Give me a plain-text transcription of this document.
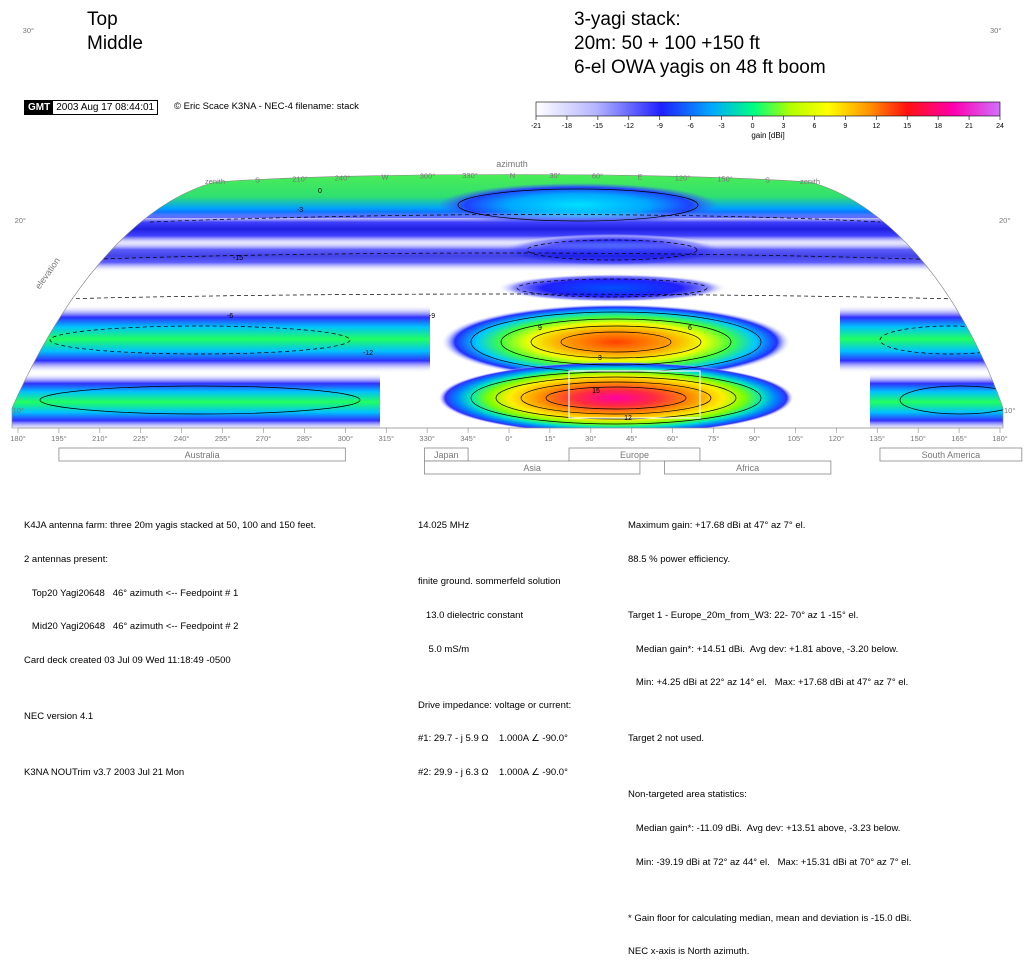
Top
Middle
3-yagi stack:
20m: 50 + 100 +150 ft
6-el OWA yagis on 48 ft boom
GMT 2003 Aug 17 08:44:01	© Eric Scace K3NA - NEC-4 filename: stack
-21	-18	-15	-12	-9	-6	-3	0	3	6	9	12	15	18	21	24
gain [dBi]
15
12
9	6
3
0
-3
-6	-9
-12
-15
azimuth
elevation
zenith	S	210°	240°	W	300°	330°	N	30°	60°	E	120°	150°	S	zenith
10°	10°
20°	20°
30°	30°
180°	195°	210°	225°	240°	255°	270°	285°	300°	315°	330°	345°	0°	15°	30°	45°	60°	75°	90°	105°	120°	135°	150°	165°	180°
Australia	Japan	Europe	South America
Asia	Africa

K4JA antenna farm: three 20m yagis stacked at 50, 100 and 150 feet.

2 antennas present:

Top20 Yagi20648   46° azimuth <-- Feedpoint # 1

Mid20 Yagi20648   46° azimuth <-- Feedpoint # 2

Card deck created 03 Jul 09 Wed 11:18:49 -0500

NEC version 4.1

K3NA NOUTrim v3.7 2003 Jul 21 Mon

14.025 MHz

finite ground. sommerfeld solution

13.0 dielectric constant

5.0 mS/m

Drive impedance: voltage or current:

#1: 29.7 - j 5.9 Ω    1.000A ∠ -90.0°

#2: 29.9 - j 6.3 Ω    1.000A ∠ -90.0°

Maximum gain: +17.68 dBi at 47° az 7° el.

88.5 % power efficiency.

Target 1 - Europe_20m_from_W3: 22- 70° az 1 -15° el.

Median gain*: +14.51 dBi.  Avg dev: +1.81 above, -3.20 below.

Min: +4.25 dBi at 22° az 14° el.   Max: +17.68 dBi at 47° az 7° el.

Target 2 not used.

Non-targeted area statistics:

Median gain*: -11.09 dBi.  Avg dev: +13.51 above, -3.23 below.

Min: -39.19 dBi at 72° az 44° el.   Max: +15.31 dBi at 70° az 7° el.

* Gain floor for calculating median, mean and deviation is -15.0 dBi.

NEC x-axis is North azimuth.
